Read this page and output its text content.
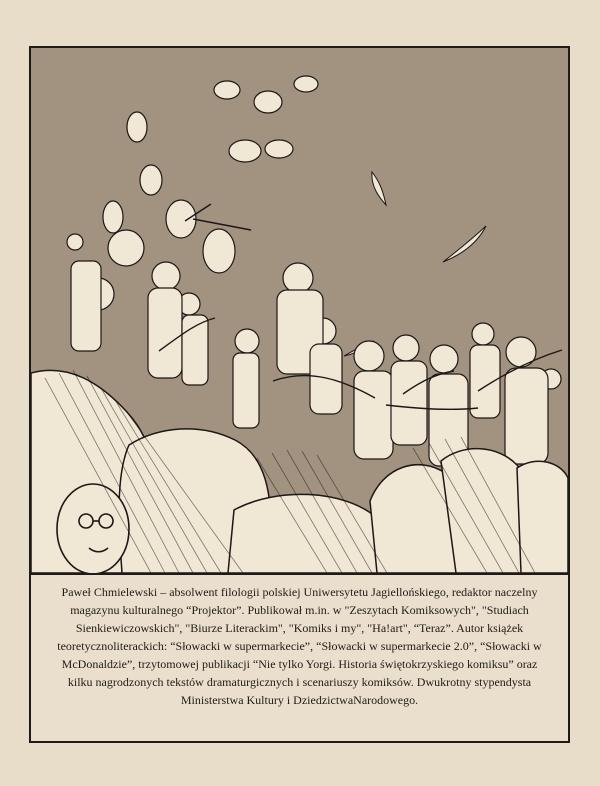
Paweł Chmielewski – absolwent filologii polskiej Uniwersytetu Jagiellońskiego, redaktor naczelny magazynu kulturalnego “Projektor”. Publikował m.in. w "Zeszytach Komiksowych", "Studiach Sienkiewiczowskich", "Biurze Literackim", "Komiks i my", "Ha!art", “Teraz”. Autor książek teoretycznoliterackich: “Słowacki w supermarkecie”, “Słowacki w supermarkecie 2.0”, “Słowacki w McDonaldzie”, trzytomowej publikacji “Nie tylko Yorgi. Historia świętokrzyskiego komiksu” oraz kilku nagrodzonych tekstów dramaturgicznych i scenariuszy komiksów. Dwukrotny stypendysta Ministerstwa Kultury i DziedzictwaNarodowego.
